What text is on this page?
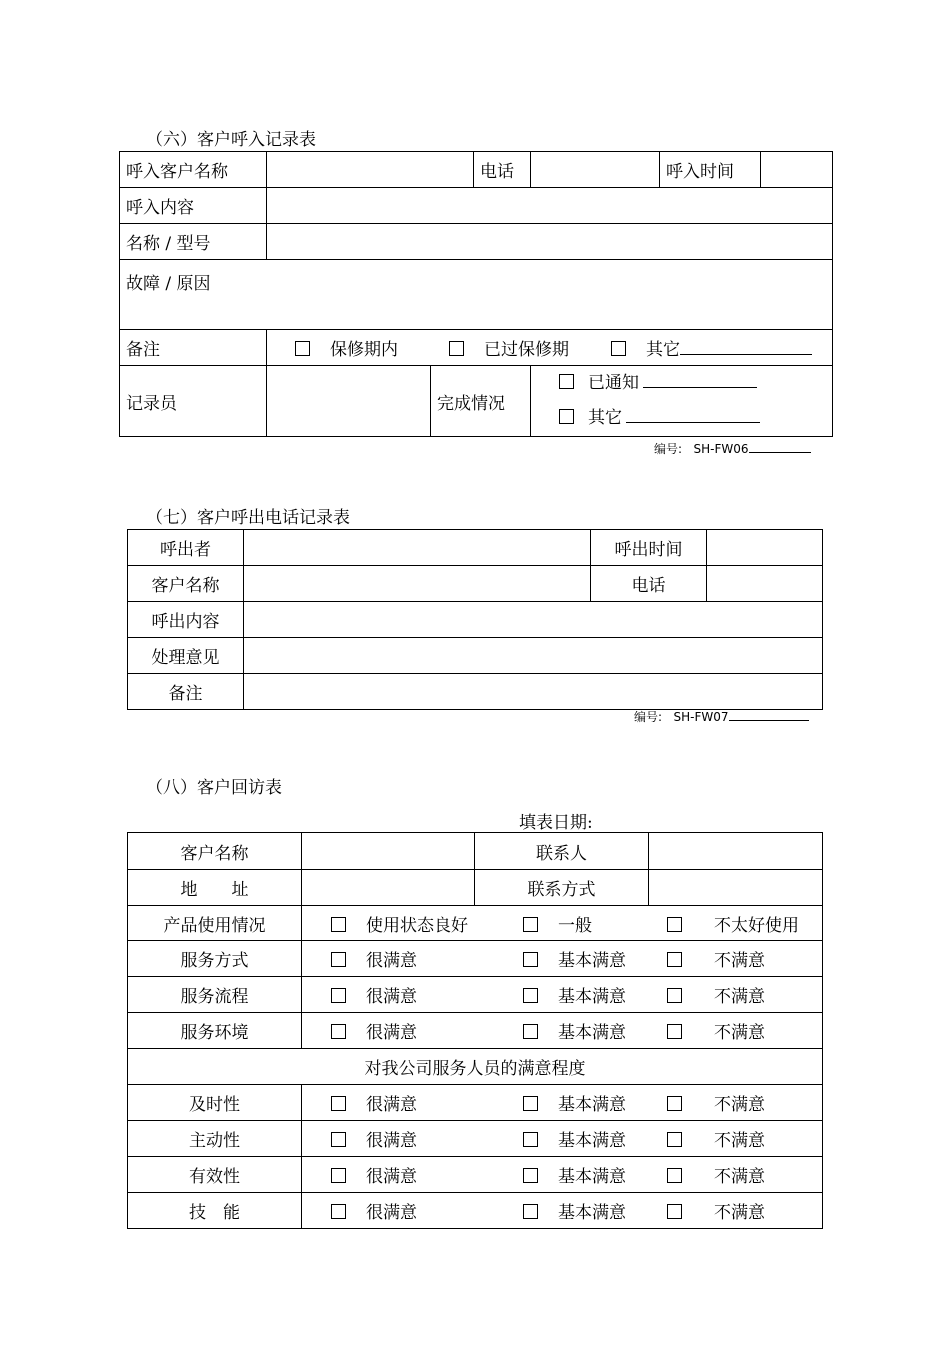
（六）客户呼入记录表
呼入客户名称			电话		呼入时间	
呼入内容						
名称 / 型号						
故障 / 原因						
备注	保修期内 已过保修期 其它					
记录员		完成情况		已通知
其它		
编号: SH-FW06
（七）客户呼出电话记录表
呼出者		呼出时间	
客户名称		电话	
呼出内容			
处理意见			
备注			
编号: SH-FW07
（八）客户回访表
填表日期:
客户名称		联系人	
地　　址		联系方式	
产品使用情况	使用状态良好 一般 不太好使用		
服务方式	很满意 基本满意 不满意		
服务流程	很满意 基本满意 不满意		
服务环境	很满意 基本满意 不满意		
对我公司服务人员的满意程度			
及时性	很满意 基本满意 不满意		
主动性	很满意 基本满意 不满意		
有效性	很满意 基本满意 不满意		
技　能	很满意 基本满意 不满意		
